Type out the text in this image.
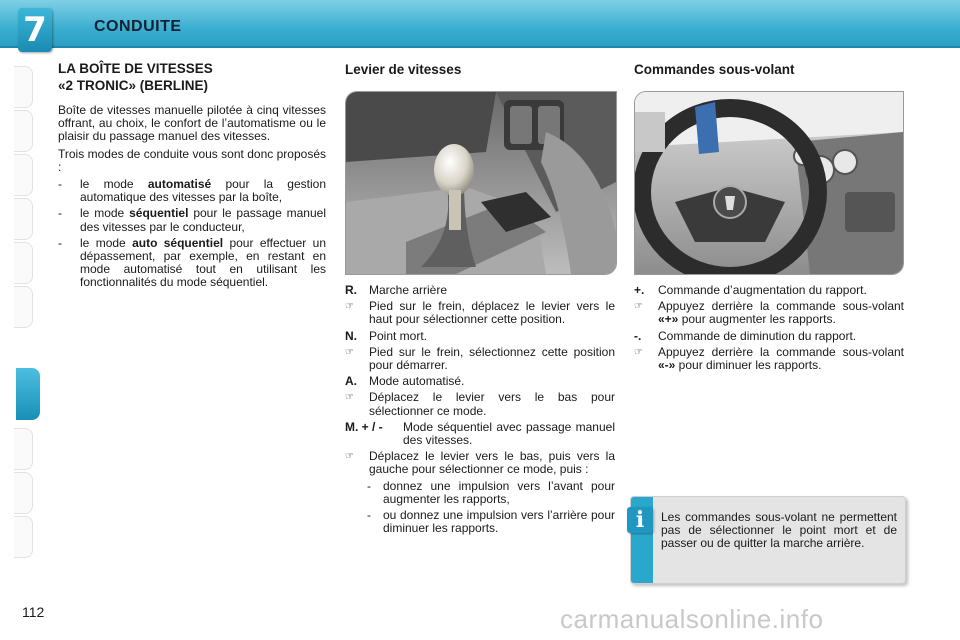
7	CONDUITE
LA BOÎTE DE VITESSES
«2 TRONIC» (BERLINE)

Boîte de vitesses manuelle pilotée à cinq vitesses offrant, au choix, le confort de l’automatisme ou le plaisir du passage manuel des vitesses.

Trois modes de conduite vous sont donc proposés :

-	le mode automatisé pour la gestion automatique des vitesses par la boîte,
-	le mode séquentiel pour le passage manuel des vitesses par le conducteur,
-	le mode auto séquentiel pour effectuer un dépassement, par exemple, en restant en mode automatisé tout en utilisant les fonctionnalités du mode séquentiel.
Levier de vitesses
R.	Marche arrière
☞	Pied sur le frein, déplacez le levier vers le haut pour sélectionner cette position.
N.	Point mort.
☞	Pied sur le frein, sélectionnez cette position pour démarrer.
A.	Mode automatisé.
☞	Déplacez le levier vers le bas pour sélectionner ce mode.
M. + / -	Mode séquentiel avec passage manuel des vitesses.
☞	Déplacez le levier vers le bas, puis vers la gauche pour sélectionner ce mode, puis :
-	donnez une impulsion vers l’avant pour augmenter les rapports,
-	ou donnez une impulsion vers l’arrière pour diminuer les rapports.
Commandes sous-volant
+.	Commande d’augmentation du rapport.
☞	Appuyez derrière la commande sous-volant «+» pour augmenter les rapports.
-.	Commande de diminution du rapport.
☞	Appuyez derrière la commande sous-volant «-» pour diminuer les rapports.
i	Les commandes sous-volant ne permettent pas de sélectionner le point mort et de passer ou de quitter la marche arrière.
112	carmanualsonline.info
